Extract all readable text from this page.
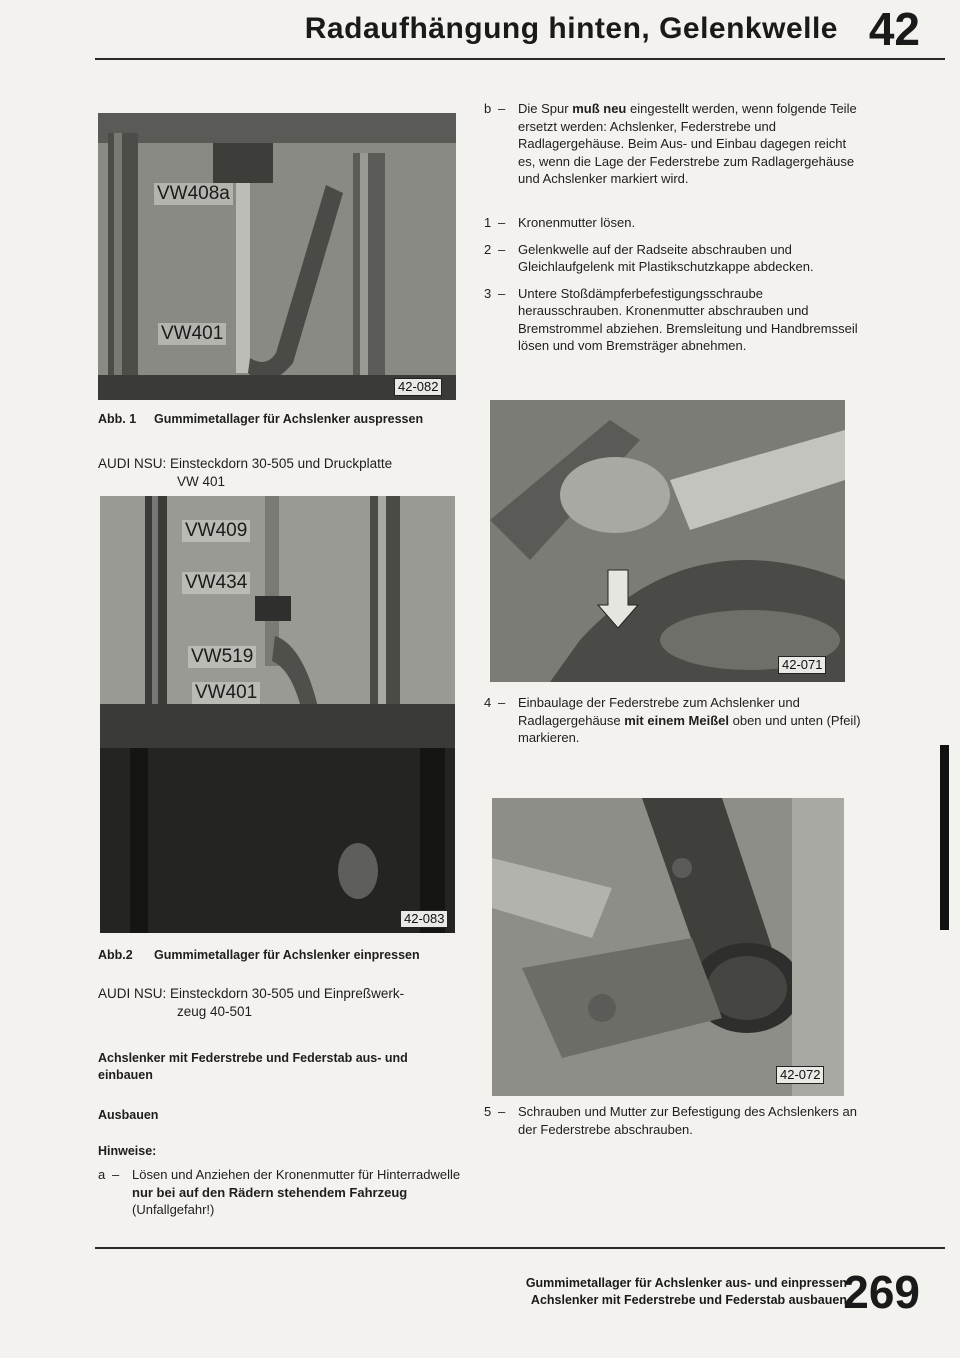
Radaufhängung hinten, Gelenkwelle 42
VW408a
VW401
42-082
Abb. 1 Gummimetallager für Achslenker auspressen
AUDI NSU: Einsteckdorn 30-505 und Druckplatte
VW 401
VW409
VW434
VW519
VW401
42-083
Abb.2 Gummimetallager für Achslenker einpressen
AUDI NSU: Einsteckdorn 30-505 und Einpreßwerk-
zeug 40-501
Achslenker mit Federstrebe und Federstab aus- und einbauen
Ausbauen
Hinweise:
a – Lösen und Anziehen der Kronenmutter für Hinterradwelle nur bei auf den Rädern stehendem Fahrzeug (Unfallgefahr!)
b – Die Spur muß neu eingestellt werden, wenn folgende Teile ersetzt werden: Achslenker, Federstrebe und Radlagergehäuse. Beim Aus- und Einbau dagegen reicht es, wenn die Lage der Federstrebe zum Radlagergehäuse und Achslenker markiert wird.
1 – Kronenmutter lösen.
2 – Gelenkwelle auf der Radseite abschrauben und Gleichlaufgelenk mit Plastikschutzkappe abdecken.
3 – Untere Stoßdämpferbefestigungsschraube herausschrauben. Kronenmutter abschrauben und Bremstrommel abziehen. Bremsleitung und Handbremsseil lösen und vom Bremsträger abnehmen.
42-071
4 – Einbaulage der Federstrebe zum Achslenker und Radlagergehäuse mit einem Meißel oben und unten (Pfeil) markieren.
42-072
5 – Schrauben und Mutter zur Befestigung des Achslenkers an der Federstrebe abschrauben.
Gummimetallager für Achslenker aus- und einpressen
Achslenker mit Federstrebe und Federstab ausbauen
269
